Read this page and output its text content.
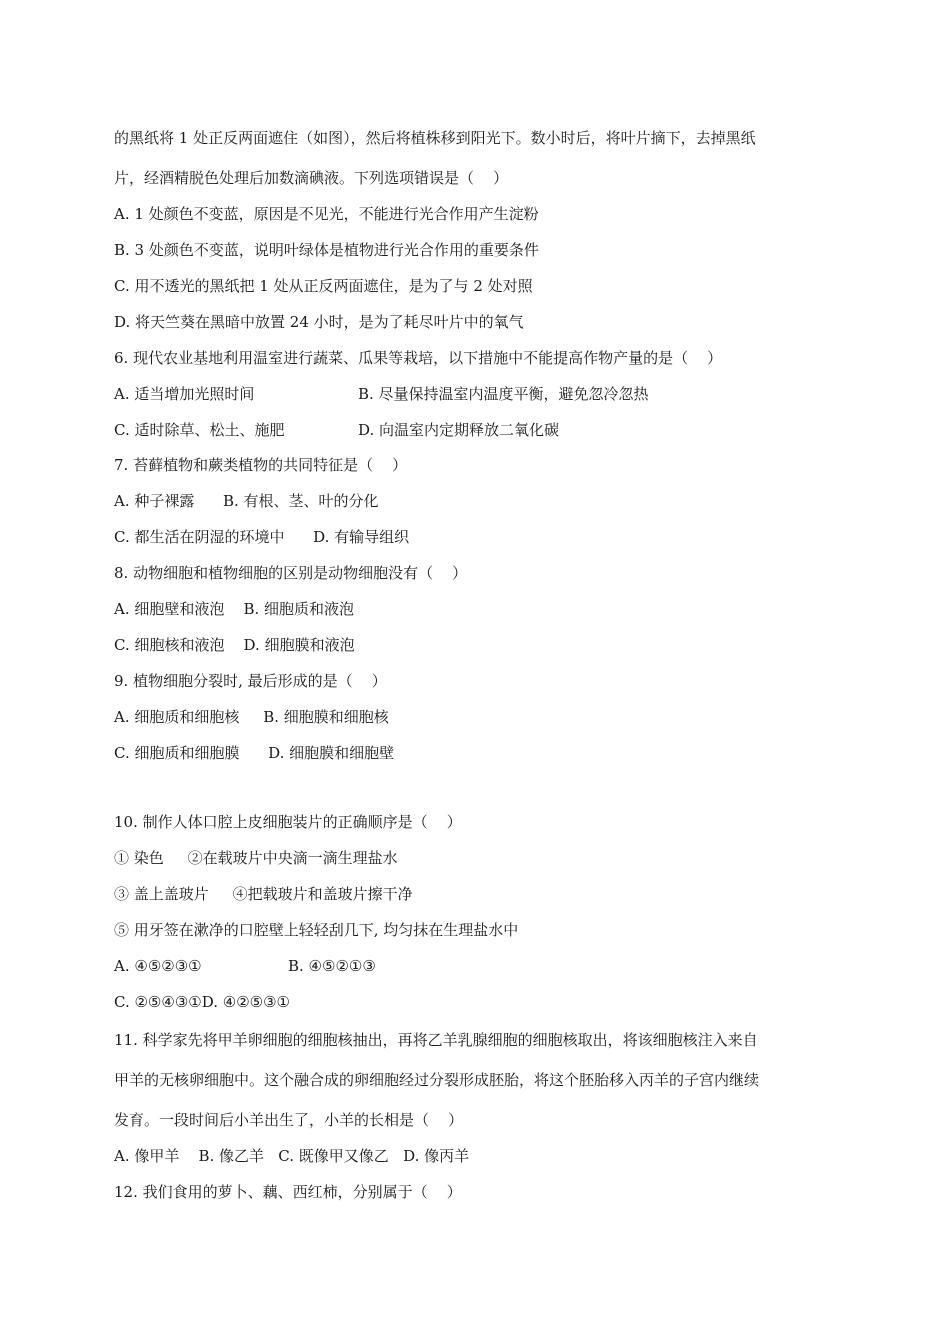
的黑纸将 1 处正反两面遮住（如图），然后将植株移到阳光下。数小时后，将叶片摘下，去掉黑纸
片，经酒精脱色处理后加数滴碘液。下列选项错误是（    ）
A. 1 处颜色不变蓝，原因是不见光，不能进行光合作用产生淀粉
B. 3 处颜色不变蓝，说明叶绿体是植物进行光合作用的重要条件
C. 用不透光的黑纸把 1 处从正反两面遮住，是为了与 2 处对照
D. 将天竺葵在黑暗中放置 24 小时，是为了耗尽叶片中的氧气
6. 现代农业基地利用温室进行蔬菜、瓜果等栽培，以下措施中不能提高作物产量的是（    ）
A. 适当增加光照时间	B. 尽量保持温室内温度平衡，避免忽冷忽热
C. 适时除草、松土、施肥	D. 向温室内定期释放二氧化碳
7. 苔藓植物和蕨类植物的共同特征是（    ）
A. 种子裸露      B. 有根、茎、叶的分化
C. 都生活在阴湿的环境中      D. 有输导组织
8. 动物细胞和植物细胞的区别是动物细胞没有（    ）
A. 细胞壁和液泡    B. 细胞质和液泡
C. 细胞核和液泡    D. 细胞膜和液泡
9. 植物细胞分裂时, 最后形成的是（    ）
A. 细胞质和细胞核     B. 细胞膜和细胞核
C. 细胞质和细胞膜      D. 细胞膜和细胞壁
10. 制作人体口腔上皮细胞装片的正确顺序是（    ）
① 染色     ②在载玻片中央滴一滴生理盐水
③ 盖上盖玻片     ④把载玻片和盖玻片擦干净
⑤ 用牙签在漱净的口腔壁上轻轻刮几下, 均匀抹在生理盐水中
A. ④⑤②③①	B. ④⑤②①③
C. ②⑤④③①D. ④②⑤③①
11. 科学家先将甲羊卵细胞的细胞核抽出，再将乙羊乳腺细胞的细胞核取出，将该细胞核注入来自
甲羊的无核卵细胞中。这个融合成的卵细胞经过分裂形成胚胎，将这个胚胎移入丙羊的子宫内继续
发育。一段时间后小羊出生了，小羊的长相是（    ）
A. 像甲羊    B. 像乙羊   C. 既像甲又像乙   D. 像丙羊
12. 我们食用的萝卜、藕、西红柿，分别属于（    ）
